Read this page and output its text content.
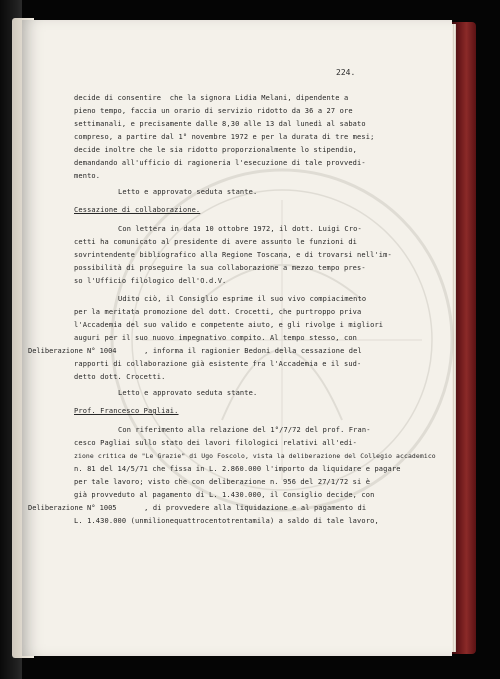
224.
decide di consentire  che la signora Lidia Melani, dipendente a
pieno tempo, faccia un orario di servizio ridotto da 36 a 27 ore
settimanali, e precisamente dalle 8,30 alle 13 dal lunedì al sabato
compreso, a partire dal 1° novembre 1972 e per la durata di tre mesi;
decide inoltre che le sia ridotto proporzionalmente lo stipendio,
demandando all'ufficio di ragioneria l'esecuzione di tale provvedi-
mento.
Letto e approvato seduta stante.
Cessazione di collaborazione.
Con lettera in data 10 ottobre 1972, il dott. Luigi Cro-
cetti ha comunicato al presidente di avere assunto le funzioni di
sovrintendente bibliografico alla Regione Toscana, e di trovarsi nell'im-
possibilità di proseguire la sua collaborazione a mezzo tempo pres-
so l'Ufficio filologico dell'O.d.V.
Udito ciò, il Consiglio esprime il suo vivo compiacimento
per la meritata promozione del dott. Crocetti, che purtroppo priva
l'Accademia del suo valido e competente aiuto, e gli rivolge i migliori
auguri per il suo nuovo impegnativo compito. Al tempo stesso, con
Deliberazione N° 1004 , informa il ragionier Bedoni della cessazione del
rapporti di collaborazione già esistente fra l'Accademia e il sud-
detto dott. Crocetti.
Letto e approvato seduta stante.
Prof. Francesco Pagliai.
Con riferimento alla relazione del 1°/7/72 del prof. Fran-
cesco Pagliai sullo stato dei lavori filologici relativi all'edi-
zione critica de "Le Grazie" di Ugo Foscolo, vista la deliberazione del Collegio accademico
n. 81 del 14/5/71 che fissa in L. 2.860.000 l'importo da liquidare e pagare
per tale lavoro; visto che con deliberazione n. 956 del 27/1/72 si è
già provveduto al pagamento di L. 1.430.000, il Consiglio decide, con
Deliberazione N° 1005 , di provvedere alla liquidazione e al pagamento di
L. 1.430.000 (unmilionequattrocentotrentamila) a saldo di tale lavoro,
